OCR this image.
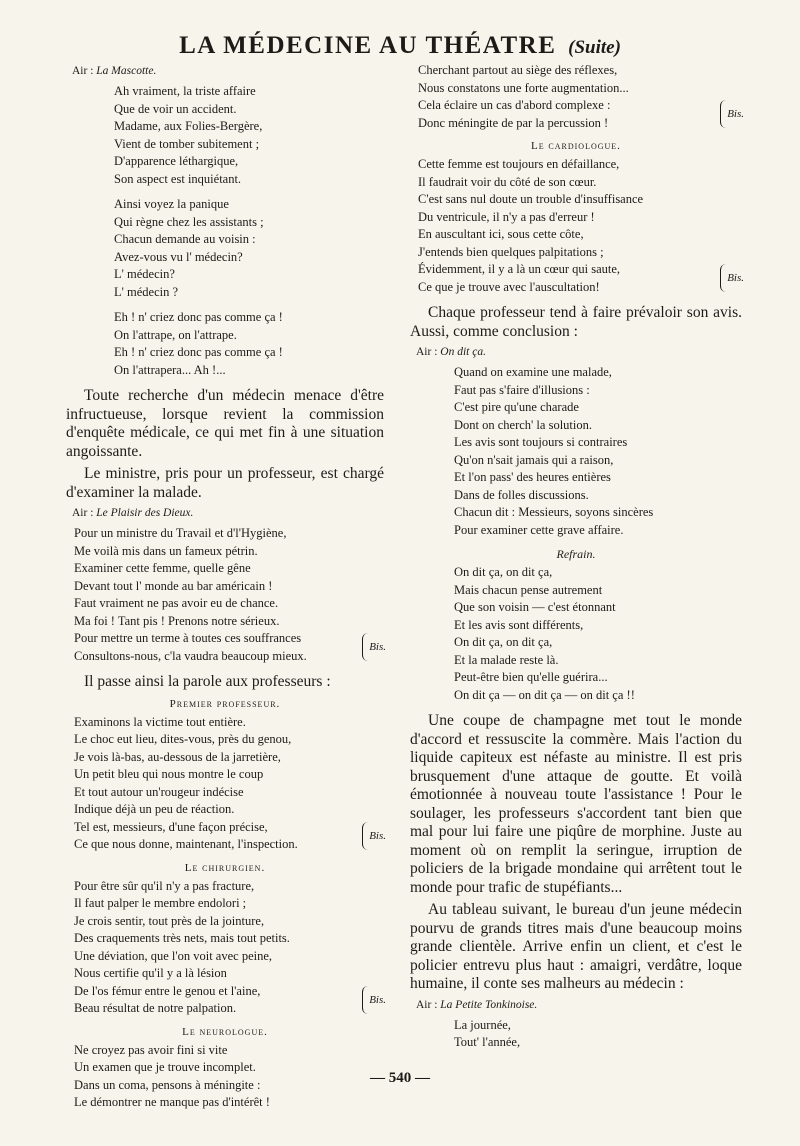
LA MÉDECINE AU THÉATRE (Suite)
Air : La Mascotte.
Ah vraiment, la triste affaire
Que de voir un accident.
Madame, aux Folies-Bergère,
Vient de tomber subitement ;
D'apparence léthargique,
Son aspect est inquiétant.
Ainsi voyez la panique
Qui règne chez les assistants ;
Chacun demande au voisin :
Avez-vous vu l' médecin?
L' médecin?
L' médecin ?
Eh ! n' criez donc pas comme ça !
On l'attrape, on l'attrape.
Eh ! n' criez donc pas comme ça !
On l'attrapera... Ah !...

Toute recherche d'un médecin menace d'être infructueuse, lorsque revient la commission d'enquête médicale, ce qui met fin à une situation angoissante.

Le ministre, pris pour un professeur, est chargé d'examiner la malade.

Air : Le Plaisir des Dieux.
Pour un ministre du Travail et d'l'Hygiène,
Me voilà mis dans un fameux pétrin.
Examiner cette femme, quelle gêne
Devant tout l' monde au bar américain !
Faut vraiment ne pas avoir eu de chance.
Ma foi ! Tant pis ! Prenons notre sérieux.
Pour mettre un terme à toutes ces souffrances
Consultons-nous, c'la vaudra beaucoup mieux.
Bis.

Il passe ainsi la parole aux professeurs :

Premier professeur.
Examinons la victime tout entière.
Le choc eut lieu, dites-vous, près du genou,
Je vois là-bas, au-dessous de la jarretière,
Un petit bleu qui nous montre le coup
Et tout autour un'rougeur indécise
Indique déjà un peu de réaction.
Tel est, messieurs, d'une façon précise,
Ce que nous donne, maintenant, l'inspection.
Bis.
Le chirurgien.
Pour être sûr qu'il n'y a pas fracture,
Il faut palper le membre endolori ;
Je crois sentir, tout près de la jointure,
Des craquements très nets, mais tout petits.
Une déviation, que l'on voit avec peine,
Nous certifie qu'il y a là lésion
De l'os fémur entre le genou et l'aine,
Beau résultat de notre palpation.
Bis.
Le neurologue.
Ne croyez pas avoir fini si vite
Un examen que je trouve incomplet.
Dans un coma, pensons à méningite :
Le démontrer ne manque pas d'intérêt !
Cherchant partout au siège des réflexes,
Nous constatons une forte augmentation...
Cela éclaire un cas d'abord complexe :
Donc méningite de par la percussion !
Bis.
Le cardiologue.
Cette femme est toujours en défaillance,
Il faudrait voir du côté de son cœur.
C'est sans nul doute un trouble d'insuffisance
Du ventricule, il n'y a pas d'erreur !
En auscultant ici, sous cette côte,
J'entends bien quelques palpitations ;
Évidemment, il y a là un cœur qui saute,
Ce que je trouve avec l'auscultation!
Bis.

Chaque professeur tend à faire prévaloir son avis. Aussi, comme conclusion :

Air : On dit ça.
Quand on examine une malade,
Faut pas s'faire d'illusions :
C'est pire qu'une charade
Dont on cherch' la solution.
Les avis sont toujours si contraires
Qu'on n'sait jamais qui a raison,
Et l'on pass' des heures entières
Dans de folles discussions.
Chacun dit : Messieurs, soyons sincères
Pour examiner cette grave affaire.
Refrain.
On dit ça, on dit ça,
Mais chacun pense autrement
Que son voisin — c'est étonnant
Et les avis sont différents,
On dit ça, on dit ça,
Et la malade reste là.
Peut-être bien qu'elle guérira...
On dit ça — on dit ça — on dit ça !!

Une coupe de champagne met tout le monde d'accord et ressuscite la commère. Mais l'action du liquide capiteux est néfaste au ministre. Il est pris brusquement d'une attaque de goutte. Et voilà émotionnée à nouveau toute l'assistance ! Pour le soulager, les professeurs s'accordent tant bien que mal pour lui faire une piqûre de morphine. Juste au moment où on remplit la seringue, irruption de policiers de la brigade mondaine qui arrêtent tout le monde pour trafic de stupéfiants...

Au tableau suivant, le bureau d'un jeune médecin pourvu de grands titres mais d'une beaucoup moins grande clientèle. Arrive enfin un client, et c'est le policier entrevu plus haut : amaigri, verdâtre, loque humaine, il conte ses malheurs au médecin :

Air : La Petite Tonkinoise.
La journée,
Tout' l'année,
— 540 —
